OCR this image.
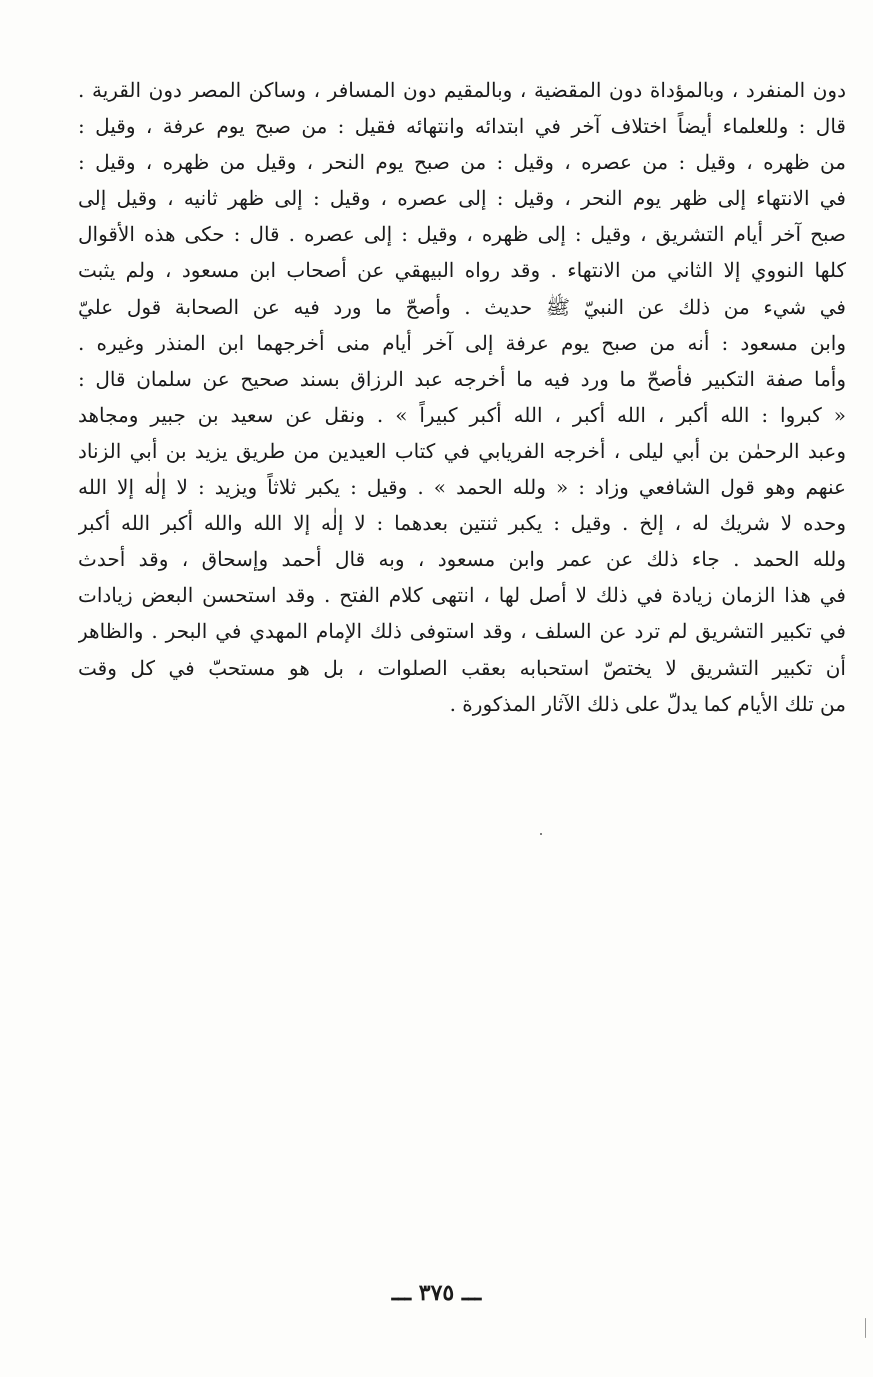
دون المنفرد ، وبالمؤداة دون المقضية ، وبالمقيم دون المسافر ، وساكن المصر دون القرية .
قال : وللعلماء أيضاً اختلاف آخر في ابتدائه وانتهائه فقيل : من صبح يوم عرفة ، وقيل :
من ظهره ، وقيل : من عصره ، وقيل : من صبح يوم النحر ، وقيل من ظهره ، وقيل :
في الانتهاء إلى ظهر يوم النحر ، وقيل : إلى عصره ، وقيل : إلى ظهر ثانيه ، وقيل إلى
صبح آخر أيام التشريق ، وقيل : إلى ظهره ، وقيل : إلى عصره . قال : حكى هذه الأقوال
كلها النووي إلا الثاني من الانتهاء . وقد رواه البيهقي عن أصحاب ابن مسعود ، ولم يثبت
في شيء من ذلك عن النبيّ ﷺ حديث . وأصحّ ما ورد فيه عن الصحابة قول عليّ
وابن مسعود : أنه من صبح يوم عرفة إلى آخر أيام منى أخرجهما ابن المنذر وغيره .
وأما صفة التكبير فأصحّ ما ورد فيه ما أخرجه عبد الرزاق بسند صحيح عن سلمان قال :
« كبروا : الله أكبر ، الله أكبر ، الله أكبر كبيراً » . ونقل عن سعيد بن جبير ومجاهد
وعبد الرحمٰن بن أبي ليلى ، أخرجه الفريابي في كتاب العيدين من طريق يزيد بن أبي الزناد
عنهم وهو قول الشافعي وزاد : « ولله الحمد » . وقيل : يكبر ثلاثاً ويزيد : لا إلٰه إلا الله
وحده لا شريك له ، إلخ . وقيل : يكبر ثنتين بعدهما : لا إلٰه إلا الله والله أكبر الله أكبر
ولله الحمد . جاء ذلك عن عمر وابن مسعود ، وبه قال أحمد وإسحاق ، وقد أحدث
في هذا الزمان زيادة في ذلك لا أصل لها ، انتهى كلام الفتح . وقد استحسن البعض زيادات
في تكبير التشريق لم ترد عن السلف ، وقد استوفى ذلك الإمام المهدي في البحر . والظاهر
أن تكبير التشريق لا يختصّ استحبابه بعقب الصلوات ، بل هو مستحبّ في كل وقت
من تلك الأيام كما يدلّ على ذلك الآثار المذكورة .
ـــ ٣٧٥ ـــ
